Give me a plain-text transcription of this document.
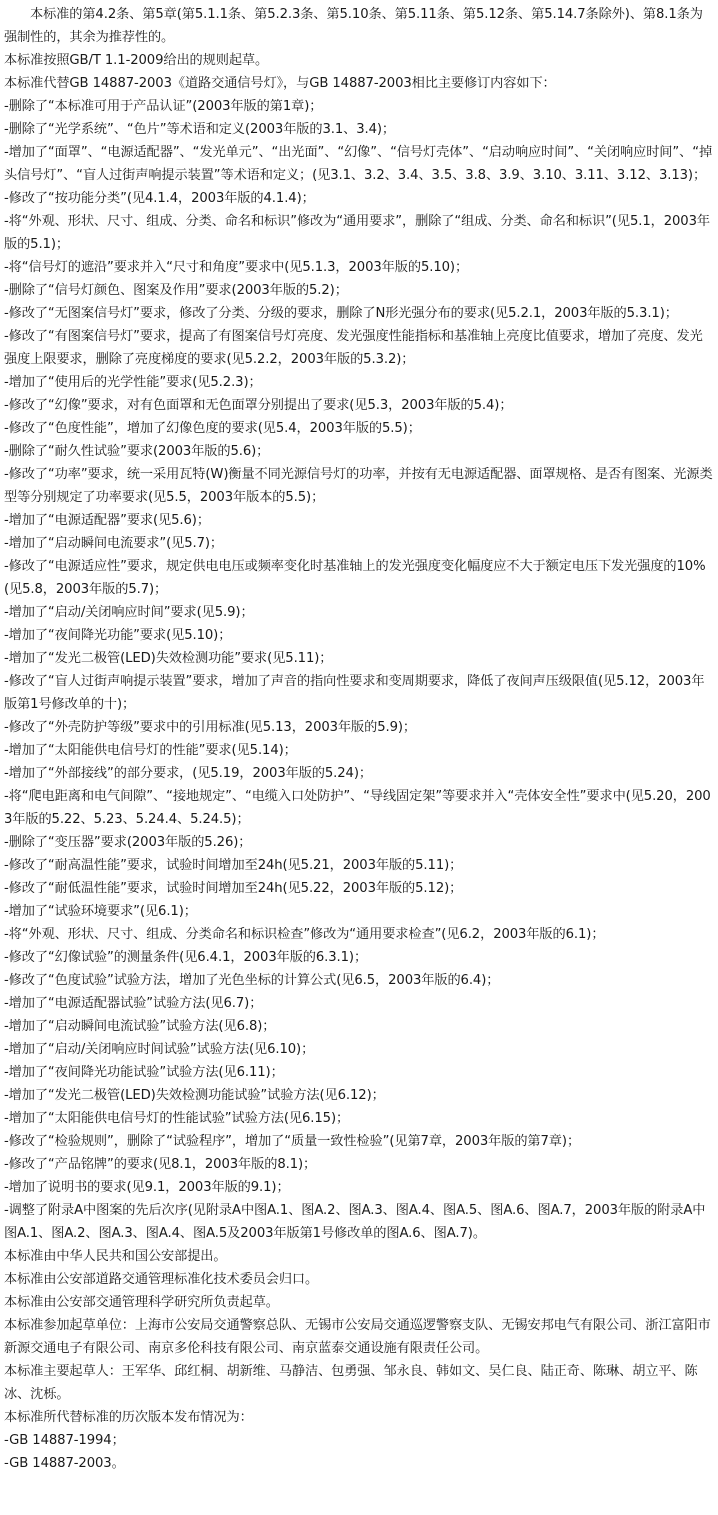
本标准的第4.2条、第5章(第5.1.1条、第5.2.3条、第5.10条、第5.11条、第5.12条、第5.14.7条除外)、第8.1条为强制性的，其余为推荐性的。

本标准按照GB/T 1.1-2009给出的规则起草。

本标准代替GB 14887-2003《道路交通信号灯》，与GB 14887-2003相比主要修订内容如下：

-删除了“本标准可用于产品认证”(2003年版的第1章)；

-删除了“光学系统”、“色片”等术语和定义(2003年版的3.1、3.4)；

-增加了“面罩”、“电源适配器”、“发光单元”、“出光面”、“幻像”、“信号灯壳体”、“启动响应时间”、“关闭响应时间”、“掉头信号灯”、“盲人过街声响提示装置”等术语和定义；(见3.1、3.2、3.4、3.5、3.8、3.9、3.10、3.11、3.12、3.13)；

-修改了“按功能分类”(见4.1.4，2003年版的4.1.4)；

-将“外观、形状、尺寸、组成、分类、命名和标识”修改为“通用要求”，删除了“组成、分类、命名和标识”(见5.1，2003年版的5.1)；

-将“信号灯的遮沿”要求并入“尺寸和角度”要求中(见5.1.3，2003年版的5.10)；

-删除了“信号灯颜色、图案及作用”要求(2003年版的5.2)；

-修改了“无图案信号灯”要求，修改了分类、分级的要求，删除了N形光强分布的要求(见5.2.1，2003年版的5.3.1)；

-修改了“有图案信号灯”要求，提高了有图案信号灯亮度、发光强度性能指标和基准轴上亮度比值要求，增加了亮度、发光强度上限要求，删除了亮度梯度的要求(见5.2.2，2003年版的5.3.2)；

-增加了“使用后的光学性能”要求(见5.2.3)；

-修改了“幻像”要求，对有色面罩和无色面罩分别提出了要求(见5.3，2003年版的5.4)；

-修改了“色度性能”，增加了幻像色度的要求(见5.4，2003年版的5.5)；

-删除了“耐久性试验”要求(2003年版的5.6)；

-修改了“功率”要求，统一采用瓦特(W)衡量不同光源信号灯的功率，并按有无电源适配器、面罩规格、是否有图案、光源类型等分别规定了功率要求(见5.5，2003年版本的5.5)；

-增加了“电源适配器”要求(见5.6)；

-增加了“启动瞬间电流要求”(见5.7)；

-修改了“电源适应性”要求，规定供电电压或频率变化时基准轴上的发光强度变化幅度应不大于额定电压下发光强度的10%(见5.8，2003年版的5.7)；

-增加了“启动/关闭响应时间”要求(见5.9)；

-增加了“夜间降光功能”要求(见5.10)；

-增加了“发光二极管(LED)失效检测功能”要求(见5.11)；

-修改了“盲人过街声响提示装置”要求，增加了声音的指向性要求和变周期要求，降低了夜间声压级限值(见5.12，2003年版第1号修改单的十)；

-修改了“外壳防护等级”要求中的引用标准(见5.13，2003年版的5.9)；

-增加了“太阳能供电信号灯的性能”要求(见5.14)；

-增加了“外部接线”的部分要求，(见5.19，2003年版的5.24)；

-将“爬电距离和电气间隙”、“接地规定”、“电缆入口处防护”、“导线固定架”等要求并入“壳体安全性”要求中(见5.20，2003年版的5.22、5.23、5.24.4、5.24.5)；

-删除了“变压器”要求(2003年版的5.26)；

-修改了“耐高温性能”要求，试验时间增加至24h(见5.21，2003年版的5.11)；

-修改了“耐低温性能”要求，试验时间增加至24h(见5.22，2003年版的5.12)；

-增加了“试验环境要求”(见6.1)；

-将“外观、形状、尺寸、组成、分类命名和标识检查”修改为“通用要求检查”(见6.2，2003年版的6.1)；

-修改了“幻像试验”的测量条件(见6.4.1，2003年版的6.3.1)；

-修改了“色度试验”试验方法，增加了光色坐标的计算公式(见6.5，2003年版的6.4)；

-增加了“电源适配器试验”试验方法(见6.7)；

-增加了“启动瞬间电流试验”试验方法(见6.8)；

-增加了“启动/关闭响应时间试验”试验方法(见6.10)；

-增加了“夜间降光功能试验”试验方法(见6.11)；

-增加了“发光二极管(LED)失效检测功能试验”试验方法(见6.12)；

-增加了“太阳能供电信号灯的性能试验”试验方法(见6.15)；

-修改了“检验规则”，删除了“试验程序”，增加了“质量一致性检验”(见第7章，2003年版的第7章)；

-修改了“产品铭牌”的要求(见8.1，2003年版的8.1)；

-增加了说明书的要求(见9.1，2003年版的9.1)；

-调整了附录A中图案的先后次序(见附录A中图A.1、图A.2、图A.3、图A.4、图A.5、图A.6、图A.7，2003年版的附录A中图A.1、图A.2、图A.3、图A.4、图A.5及2003年版第1号修改单的图A.6、图A.7)。

本标准由中华人民共和国公安部提出。

本标准由公安部道路交通管理标准化技术委员会归口。

本标准由公安部交通管理科学研究所负责起草。

本标准参加起草单位：上海市公安局交通警察总队、无锡市公安局交通巡逻警察支队、无锡安邦电气有限公司、浙江富阳市新源交通电子有限公司、南京多伦科技有限公司、南京蓝泰交通设施有限责任公司。

本标准主要起草人：王军华、邱红桐、胡新维、马静洁、包勇强、邹永良、韩如文、吴仁良、陆正奇、陈琳、胡立平、陈冰、沈栎。

本标准所代替标准的历次版本发布情况为：

-GB 14887-1994；

-GB 14887-2003。
